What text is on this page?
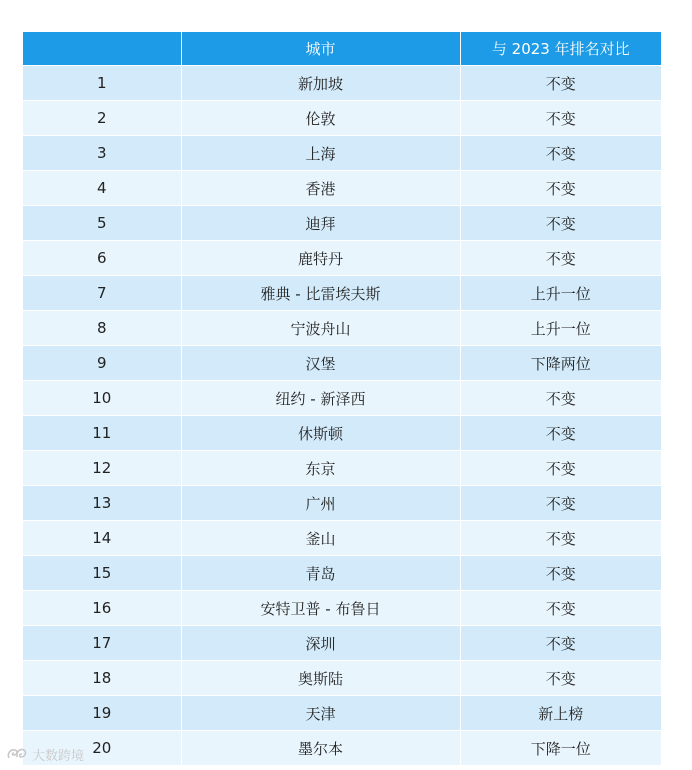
	城市	与 2023 年排名对比
1	新加坡	不变
2	伦敦	不变
3	上海	不变
4	香港	不变
5	迪拜	不变
6	鹿特丹	不变
7	雅典 - 比雷埃夫斯	上升一位
8	宁波舟山	上升一位
9	汉堡	下降两位
10	纽约 - 新泽西	不变
11	休斯顿	不变
12	东京	不变
13	广州	不变
14	釜山	不变
15	青岛	不变
16	安特卫普 - 布鲁日	不变
17	深圳	不变
18	奥斯陆	不变
19	天津	新上榜
20	墨尔本	下降一位
大数跨境
